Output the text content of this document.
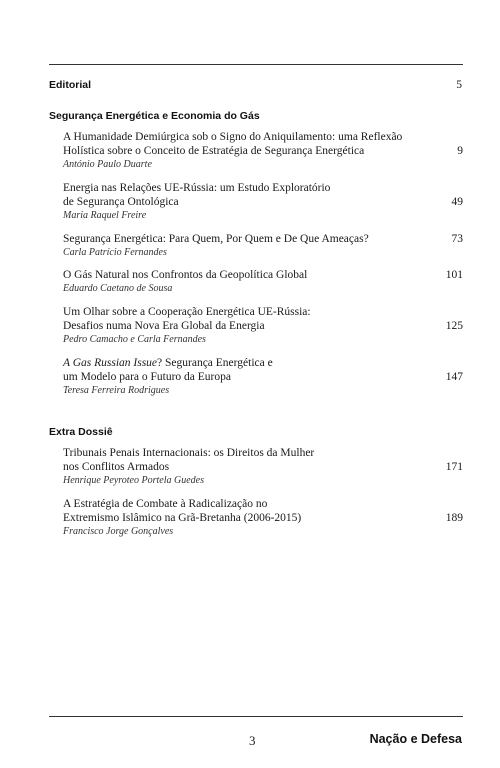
Editorial	5
Segurança Energética e Economia do Gás
A Humanidade Demiúrgica sob o Signo do Aniquilamento: uma Reflexão
Holística sobre o Conceito de Estratégia de Segurança Energética
António Paulo Duarte
9
Energia nas Relações UE-Rússia: um Estudo Exploratório
de Segurança Ontológica
Maria Raquel Freire
49
Segurança Energética: Para Quem, Por Quem e De Que Ameaças?
Carla Patrício Fernandes
73
O Gás Natural nos Confrontos da Geopolítica Global
Eduardo Caetano de Sousa
101
Um Olhar sobre a Cooperação Energética UE-Rússia:
Desafios numa Nova Era Global da Energia
Pedro Camacho e Carla Fernandes
125
A Gas Russian Issue? Segurança Energética e
um Modelo para o Futuro da Europa
Teresa Ferreira Rodrigues
147
Extra Dossiê
Tribunais Penais Internacionais: os Direitos da Mulher
nos Conflitos Armados
Henrique Peyroteo Portela Guedes
171
A Estratégia de Combate à Radicalização no
Extremismo Islâmico na Grã-Bretanha (2006-2015)
Francisco Jorge Gonçalves
189
3	Nação e Defesa
